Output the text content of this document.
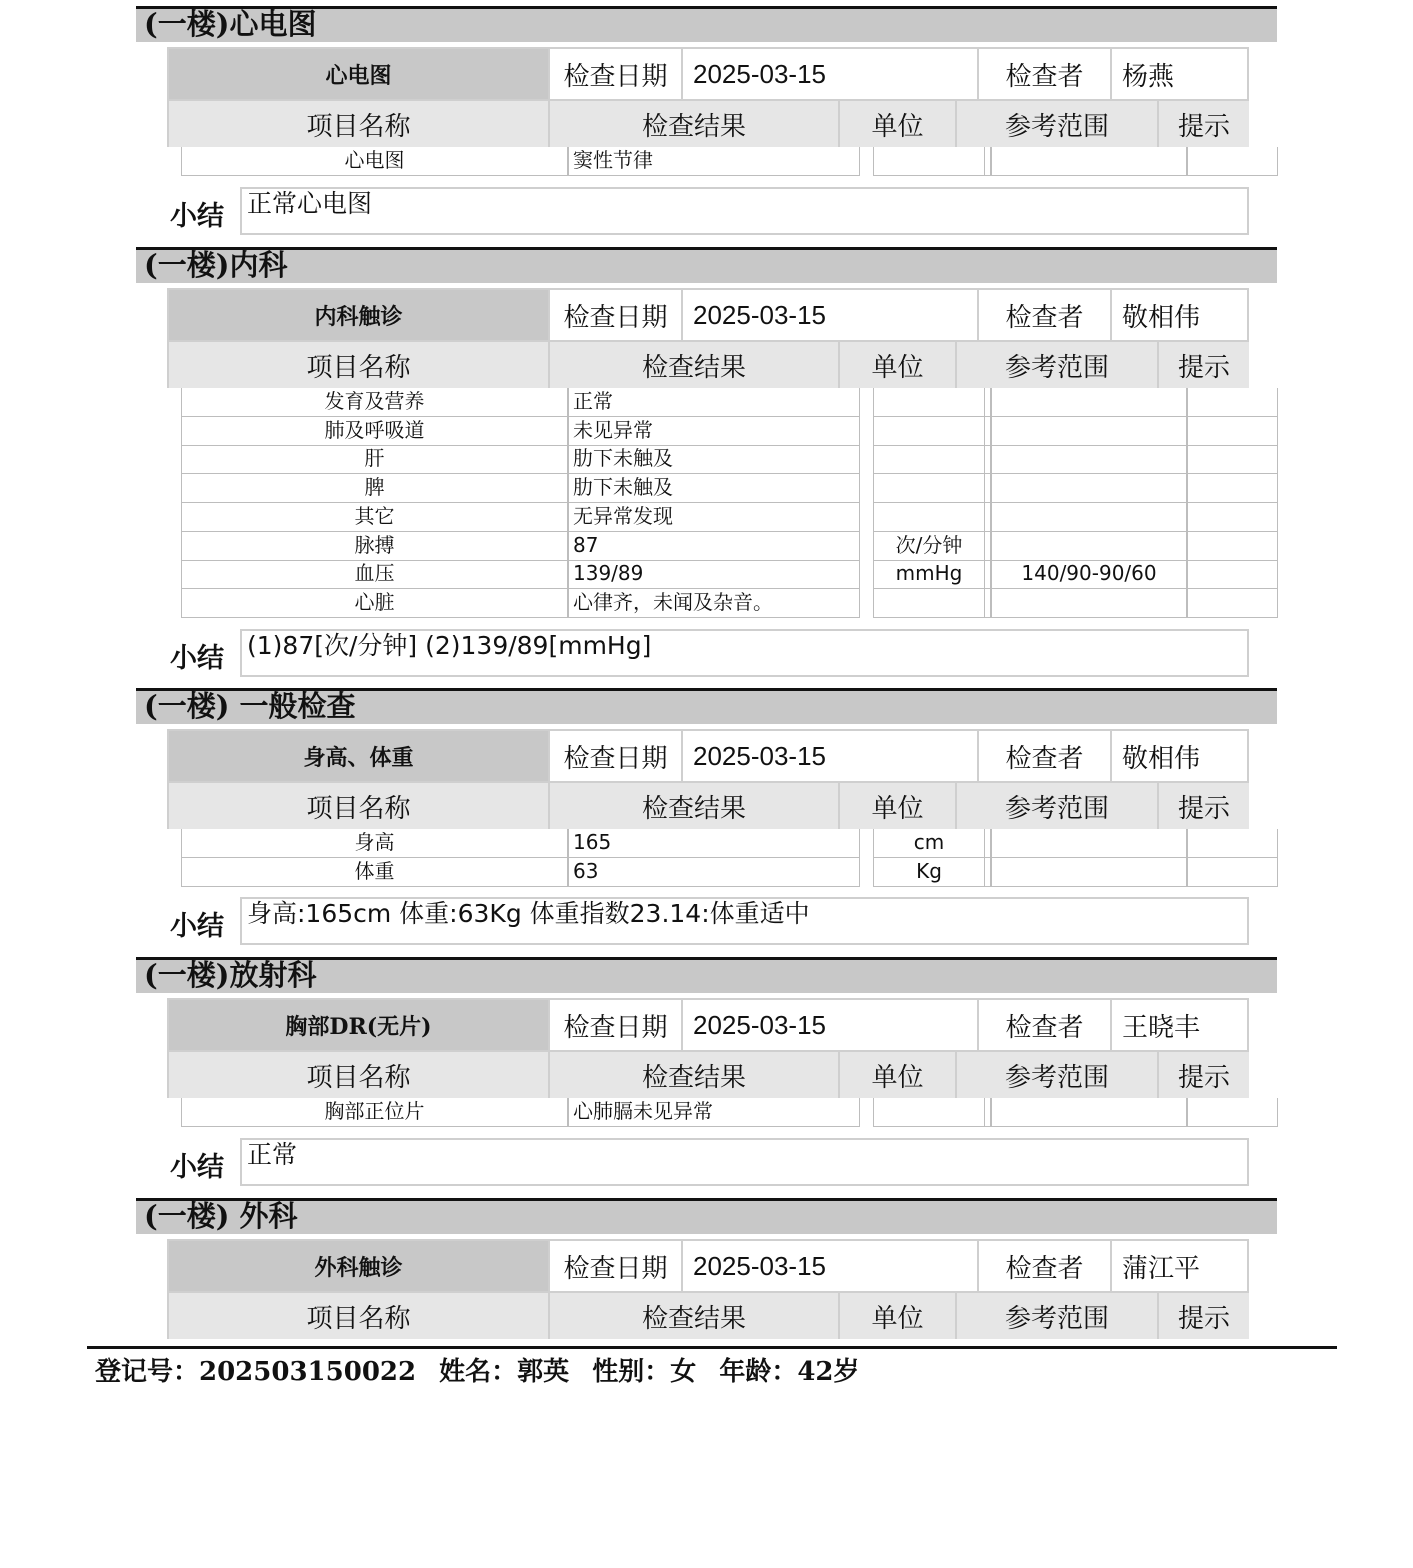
(一楼)心电图
心电图	检查日期 2025-03-15	检查者	杨燕
项目名称	检查结果	单位	参考范围	提示
心电图	窦性节律
小结 正常心电图
(一楼)内科
内科触诊	检查日期 2025-03-15	检查者	敬相伟
项目名称	检查结果	单位	参考范围	提示
发育及营养	正常
肺及呼吸道	未见异常
肝	肋下未触及
脾	肋下未触及
其它	无异常发现
脉搏	87	次/分钟
血压	139/89	mmHg	140/90-90/60
心脏	心律齐，未闻及杂音。
小结 (1)87[次/分钟] (2)139/89[mmHg]
(一楼) 一般检查
身高、体重	检查日期 2025-03-15	检查者	敬相伟
项目名称	检查结果	单位	参考范围	提示
身高	165	cm
体重	63	Kg
小结 身高:165cm 体重:63Kg 体重指数23.14:体重适中
(一楼)放射科
胸部DR(无片)	检查日期 2025-03-15	检查者	王晓丰
项目名称	检查结果	单位	参考范围	提示
胸部正位片	心肺膈未见异常
小结 正常
(一楼) 外科
外科触诊	检查日期 2025-03-15	检查者	蒲江平
项目名称	检查结果	单位	参考范围	提示
登记号：202503150022 姓名：郭英 性别：女 年龄：42岁
